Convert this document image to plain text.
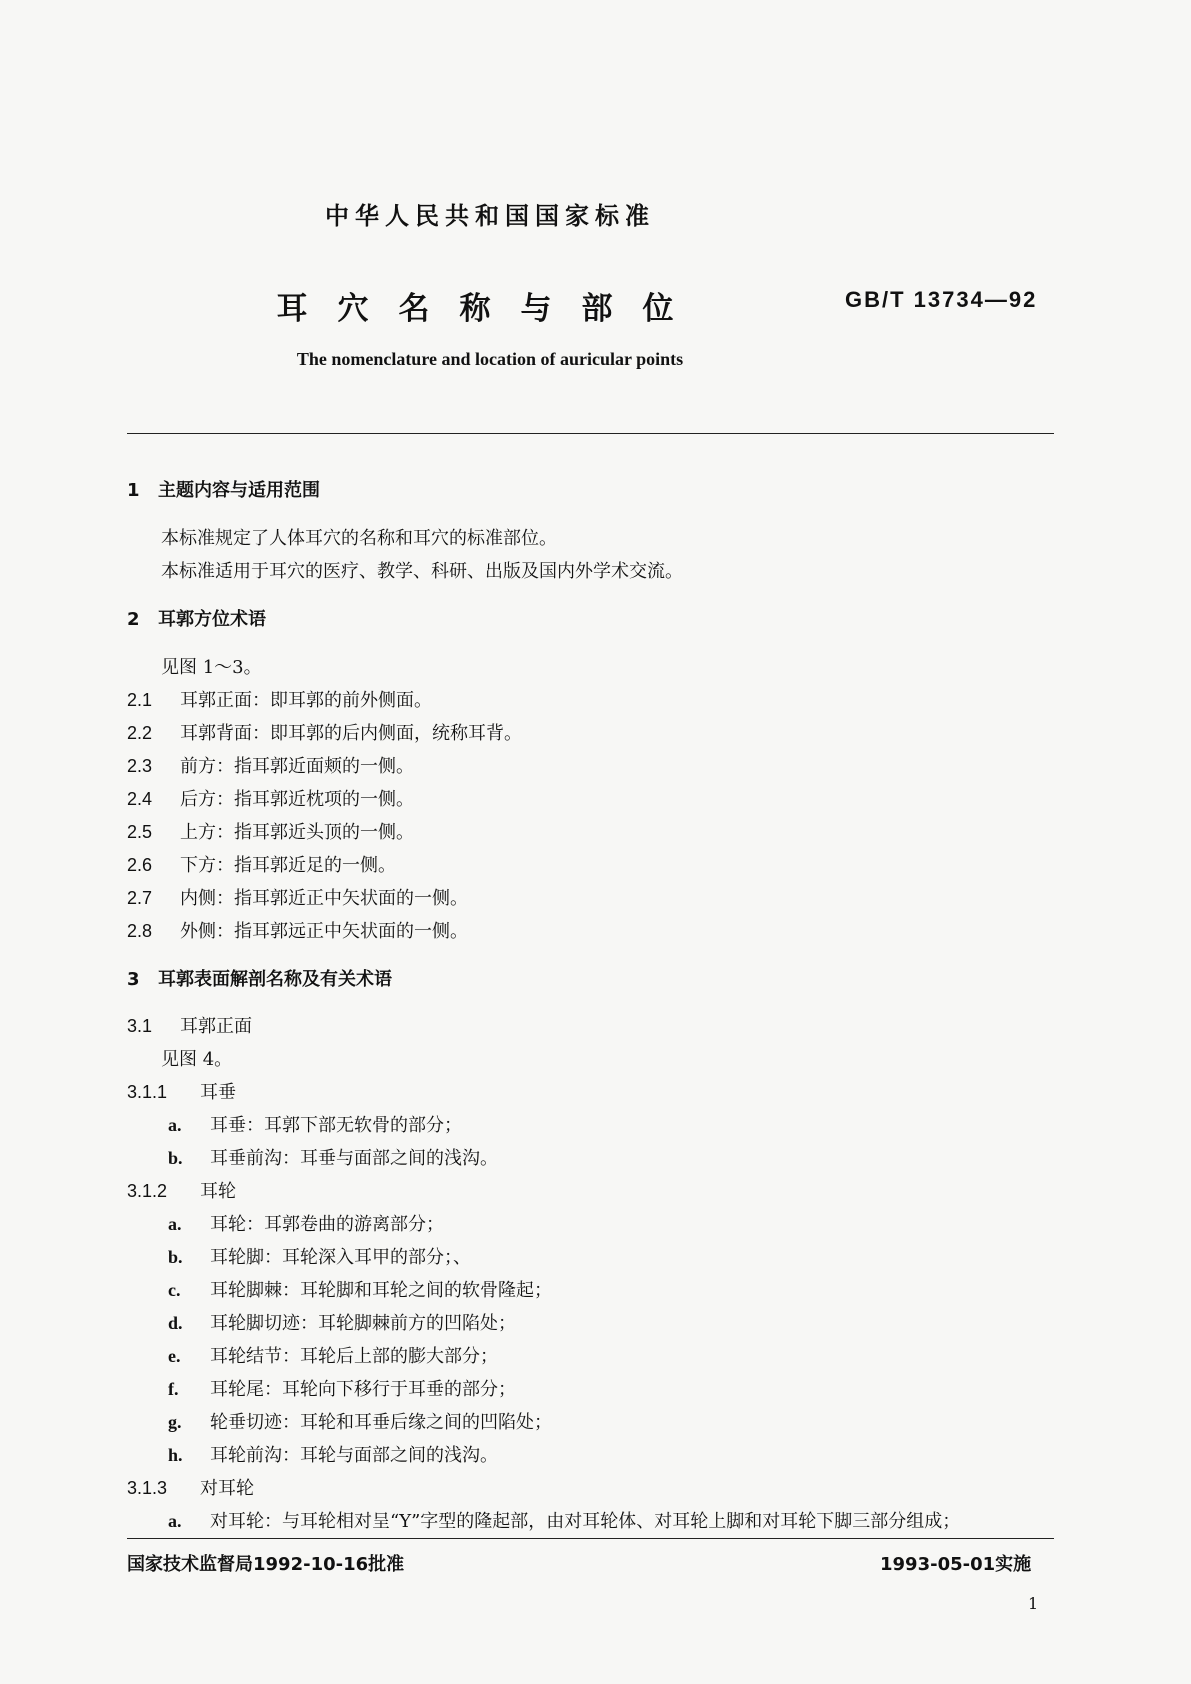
中华人民共和国国家标准
耳穴名称与部位	GB/T 13734—92
The nomenclature and location of auricular points
1 主题内容与适用范围
本标准规定了人体耳穴的名称和耳穴的标准部位。
本标准适用于耳穴的医疗、教学、科研、出版及国内外学术交流。
2 耳郭方位术语
见图 1～3。
2.1 耳郭正面：即耳郭的前外侧面。
2.2 耳郭背面：即耳郭的后内侧面，统称耳背。
2.3 前方：指耳郭近面颊的一侧。
2.4 后方：指耳郭近枕项的一侧。
2.5 上方：指耳郭近头顶的一侧。
2.6 下方：指耳郭近足的一侧。
2.7 内侧：指耳郭近正中矢状面的一侧。
2.8 外侧：指耳郭远正中矢状面的一侧。
3 耳郭表面解剖名称及有关术语
3.1 耳郭正面
见图 4。
3.1.1 耳垂
a. 耳垂：耳郭下部无软骨的部分；
b. 耳垂前沟：耳垂与面部之间的浅沟。
3.1.2 耳轮
a. 耳轮：耳郭卷曲的游离部分；
b. 耳轮脚：耳轮深入耳甲的部分；、
c. 耳轮脚棘：耳轮脚和耳轮之间的软骨隆起；
d. 耳轮脚切迹：耳轮脚棘前方的凹陷处；
e. 耳轮结节：耳轮后上部的膨大部分；
f. 耳轮尾：耳轮向下移行于耳垂的部分；
g. 轮垂切迹：耳轮和耳垂后缘之间的凹陷处；
h. 耳轮前沟：耳轮与面部之间的浅沟。
3.1.3 对耳轮
a. 对耳轮：与耳轮相对呈“Y”字型的隆起部，由对耳轮体、对耳轮上脚和对耳轮下脚三部分组成；
国家技术监督局1992-10-16批准	1993-05-01实施
1
